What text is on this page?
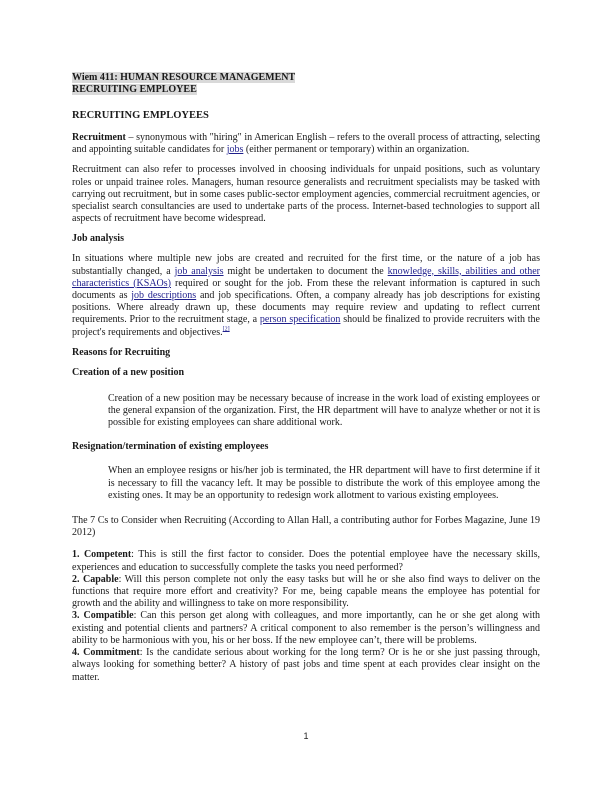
Wiem 411: HUMAN RESOURCE MANAGEMENT
RECRUITING EMPLOYEE
RECRUITING EMPLOYEES

Recruitment – synonymous with "hiring" in American English – refers to the overall process of attracting, selecting and appointing suitable candidates for jobs (either permanent or temporary) within an organization.

Recruitment can also refer to processes involved in choosing individuals for unpaid positions, such as voluntary roles or unpaid trainee roles. Managers, human resource generalists and recruitment specialists may be tasked with carrying out recruitment, but in some cases public-sector employment agencies, commercial recruitment agencies, or specialist search consultancies are used to undertake parts of the process. Internet-based technologies to support all aspects of recruitment have become widespread.

Job analysis

In situations where multiple new jobs are created and recruited for the first time, or the nature of a job has substantially changed, a job analysis might be undertaken to document the knowledge, skills, abilities and other characteristics (KSAOs) required or sought for the job. From these the relevant information is captured in such documents as job descriptions and job specifications. Often, a company already has job descriptions for existing positions. Where already drawn up, these documents may require review and updating to reflect current requirements. Prior to the recruitment stage, a person specification should be finalized to provide recruiters with the project's requirements and objectives.[2]

Reasons for Recruiting
Creation of a new position

Creation of a new position may be necessary because of increase in the work load of existing employees or the general expansion of the organization. First, the HR department will have to analyze whether or not it is possible for existing employees can share additional work.

Resignation/termination of existing employees

When an employee resigns or his/her job is terminated, the HR department will have to first determine if it is necessary to fill the vacancy left. It may be possible to distribute the work of this employee among the existing ones. It may be an opportunity to redesign work allotment to various existing employees.

The 7 Cs to Consider when Recruiting (According to Allan Hall, a contributing author for Forbes Magazine, June 19 2012)

1. Competent: This is still the first factor to consider. Does the potential employee have the necessary skills, experiences and education to successfully complete the tasks you need performed?

2. Capable: Will this person complete not only the easy tasks but will he or she also find ways to deliver on the functions that require more effort and creativity? For me, being capable means the employee has potential for growth and the ability and willingness to take on more responsibility.

3. Compatible: Can this person get along with colleagues, and more importantly, can he or she get along with existing and potential clients and partners? A critical component to also remember is the person’s willingness and ability to be harmonious with you, his or her boss. If the new employee can’t, there will be problems.

4. Commitment: Is the candidate serious about working for the long term? Or is he or she just passing through, always looking for something better? A history of past jobs and time spent at each provides clear insight on the matter.

1
